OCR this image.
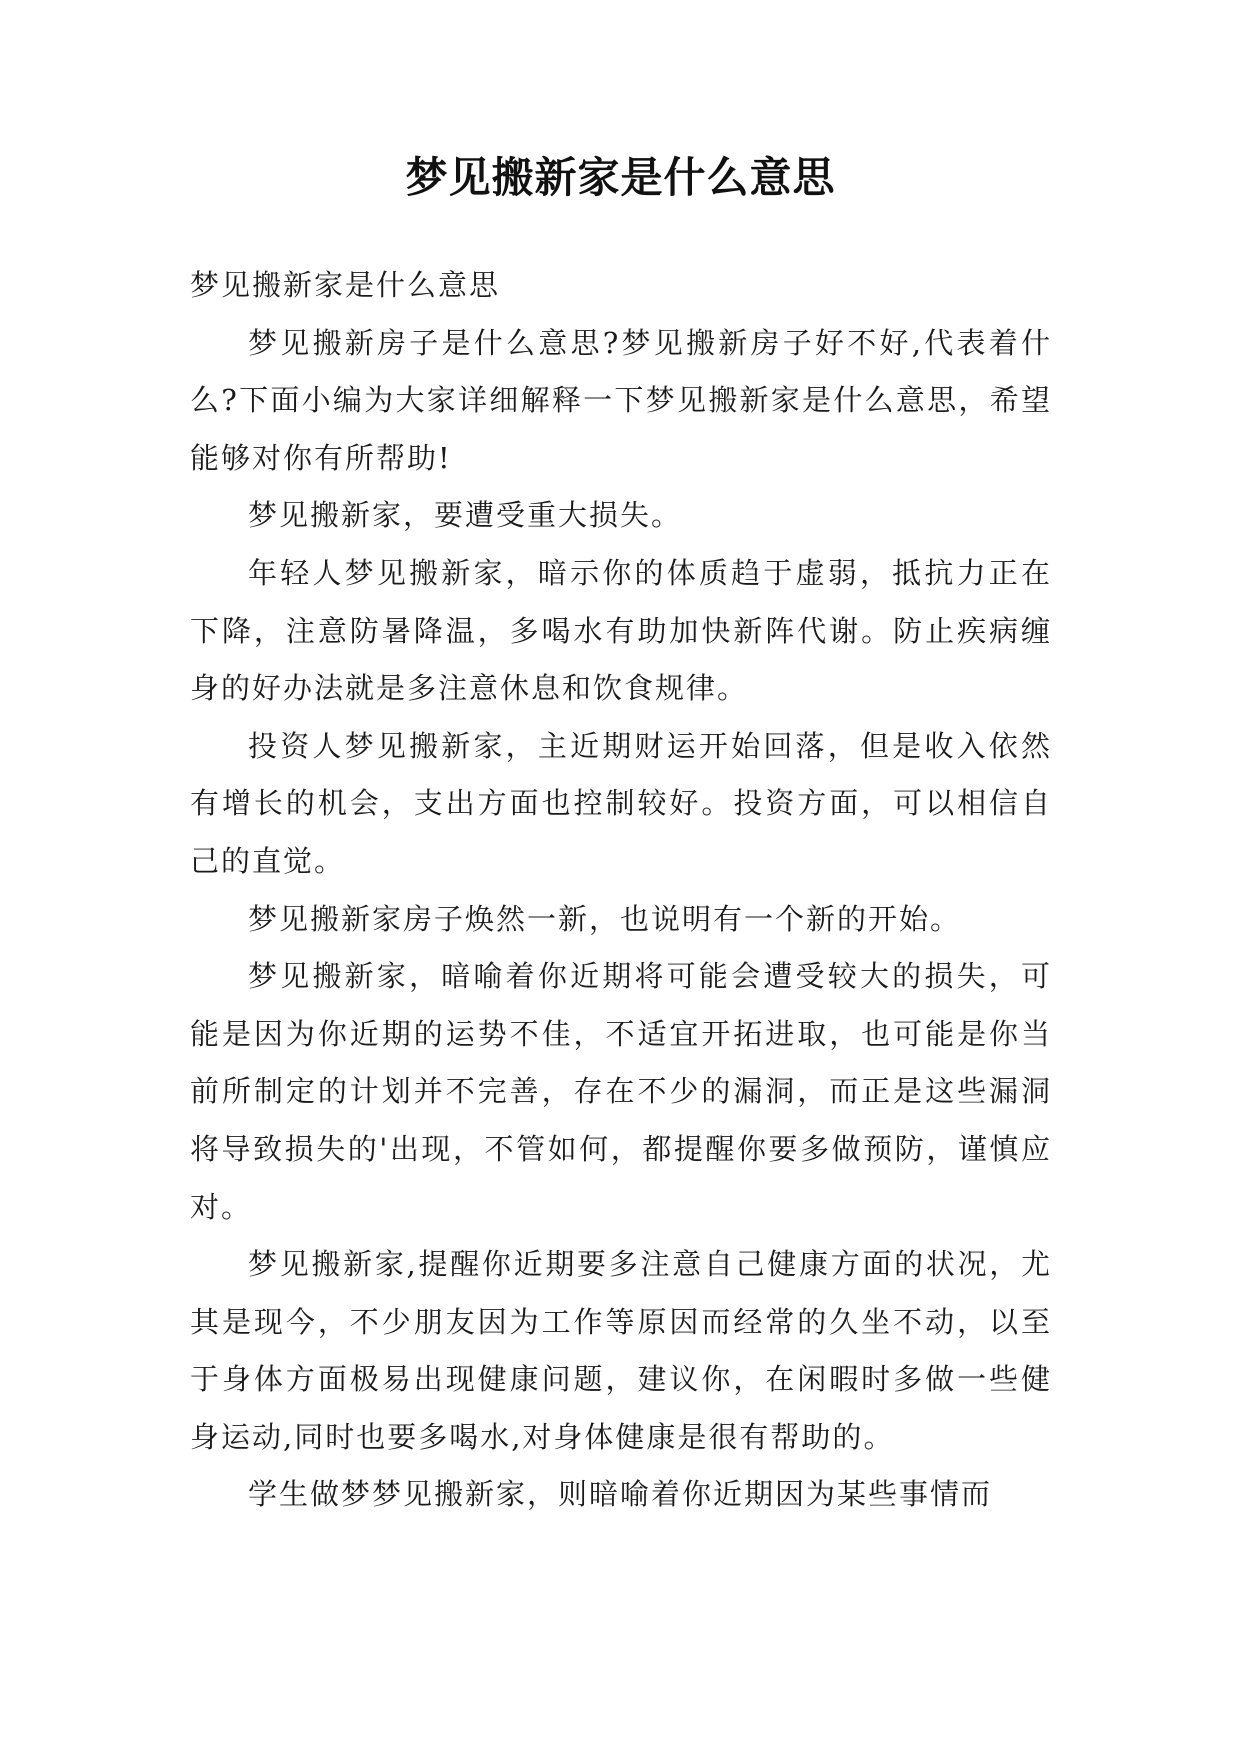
梦见搬新家是什么意思

梦见搬新家是什么意思

梦见搬新房子是什么意思?梦见搬新房子好不好,代表着什么?下面小编为大家详细解释一下梦见搬新家是什么意思，希望能够对你有所帮助!

梦见搬新家，要遭受重大损失。

年轻人梦见搬新家，暗示你的体质趋于虚弱，抵抗力正在下降，注意防暑降温，多喝水有助加快新阵代谢。防止疾病缠身的好办法就是多注意休息和饮食规律。

投资人梦见搬新家，主近期财运开始回落，但是收入依然有增长的机会，支出方面也控制较好。投资方面，可以相信自己的直觉。

梦见搬新家房子焕然一新，也说明有一个新的开始。

梦见搬新家，暗喻着你近期将可能会遭受较大的损失，可能是因为你近期的运势不佳，不适宜开拓进取，也可能是你当前所制定的计划并不完善，存在不少的漏洞，而正是这些漏洞将导致损失的'出现，不管如何，都提醒你要多做预防，谨慎应对。

梦见搬新家,提醒你近期要多注意自己健康方面的状况，尤其是现今，不少朋友因为工作等原因而经常的久坐不动，以至于身体方面极易出现健康问题，建议你，在闲暇时多做一些健身运动,同时也要多喝水,对身体健康是很有帮助的。

学生做梦梦见搬新家，则暗喻着你近期因为某些事情而
